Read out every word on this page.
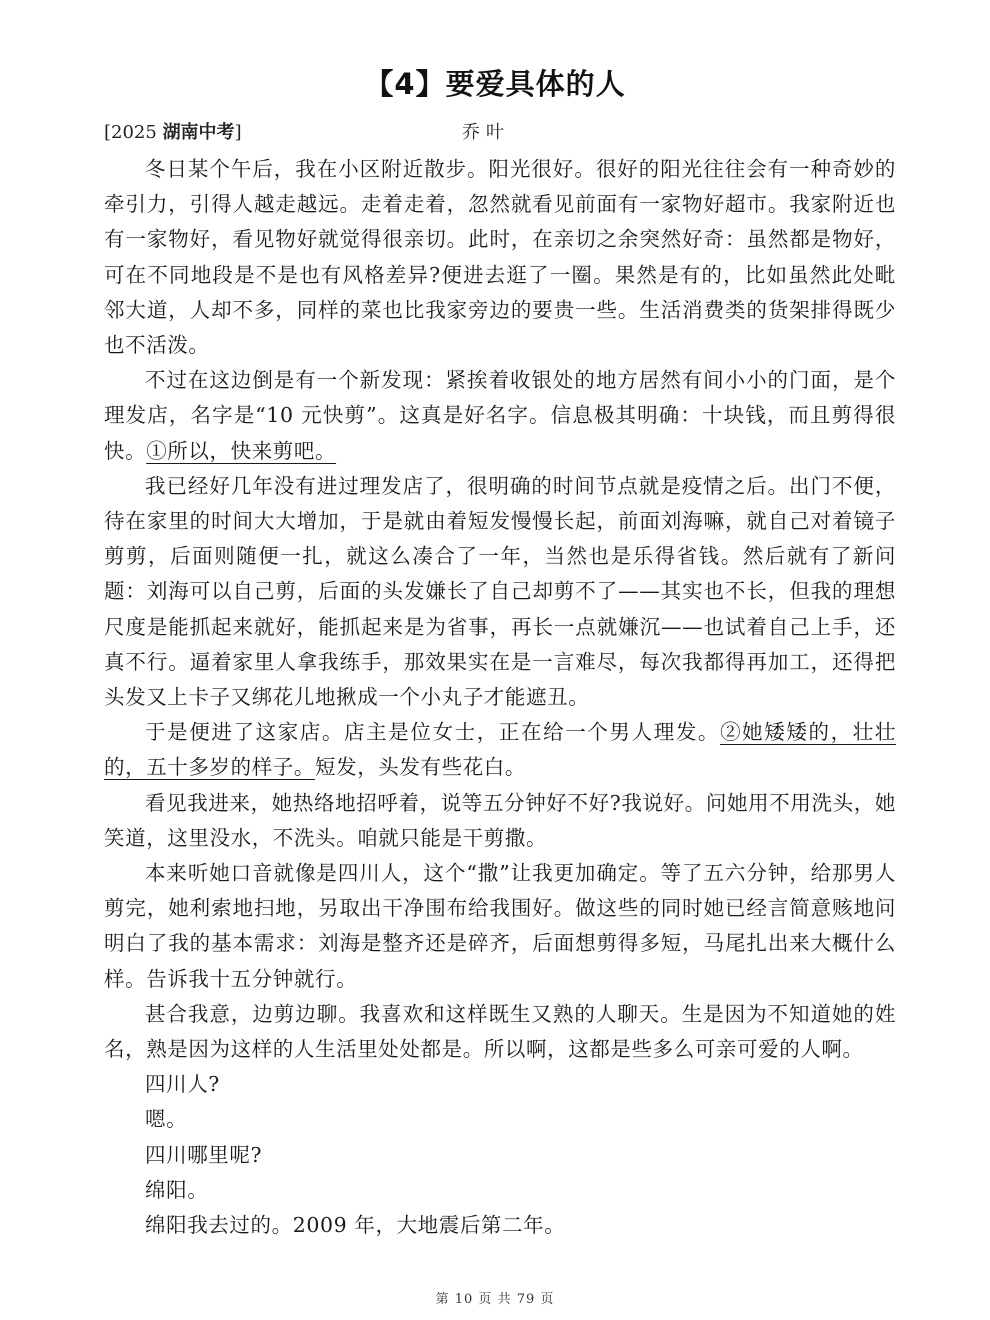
【4】要爱具体的人
[2025 湖南中考]	乔叶

冬日某个午后，我在小区附近散步。阳光很好。很好的阳光往往会有一种奇妙的牵引力，引得人越走越远。走着走着，忽然就看见前面有一家物好超市。我家附近也有一家物好，看见物好就觉得很亲切。此时，在亲切之余突然好奇：虽然都是物好，可在不同地段是不是也有风格差异?便进去逛了一圈。果然是有的，比如虽然此处毗邻大道，人却不多，同样的菜也比我家旁边的要贵一些。生活消费类的货架排得既少也不活泼。

不过在这边倒是有一个新发现：紧挨着收银处的地方居然有间小小的门面，是个理发店，名字是“10 元快剪”。这真是好名字。信息极其明确：十块钱，而且剪得很快。①所以，快来剪吧。

我已经好几年没有进过理发店了，很明确的时间节点就是疫情之后。出门不便，待在家里的时间大大增加，于是就由着短发慢慢长起，前面刘海嘛，就自己对着镜子剪剪，后面则随便一扎，就这么凑合了一年，当然也是乐得省钱。然后就有了新问题：刘海可以自己剪，后面的头发嫌长了自己却剪不了——其实也不长，但我的理想尺度是能抓起来就好，能抓起来是为省事，再长一点就嫌沉——也试着自己上手，还真不行。逼着家里人拿我练手，那效果实在是一言难尽，每次我都得再加工，还得把头发又上卡子又绑花儿地揪成一个小丸子才能遮丑。

于是便进了这家店。店主是位女士，正在给一个男人理发。②她矮矮的，壮壮的，五十多岁的样子。短发，头发有些花白。

看见我进来，她热络地招呼着，说等五分钟好不好?我说好。问她用不用洗头，她笑道，这里没水，不洗头。咱就只能是干剪撒。

本来听她口音就像是四川人，这个“撒”让我更加确定。等了五六分钟，给那男人剪完，她利索地扫地，另取出干净围布给我围好。做这些的同时她已经言简意赅地问明白了我的基本需求：刘海是整齐还是碎齐，后面想剪得多短，马尾扎出来大概什么样。告诉我十五分钟就行。

甚合我意，边剪边聊。我喜欢和这样既生又熟的人聊天。生是因为不知道她的姓名，熟是因为这样的人生活里处处都是。所以啊，这都是些多么可亲可爱的人啊。

四川人?

嗯。

四川哪里呢?

绵阳。

绵阳我去过的。2009 年，大地震后第二年。

第 10 页 共 79 页
